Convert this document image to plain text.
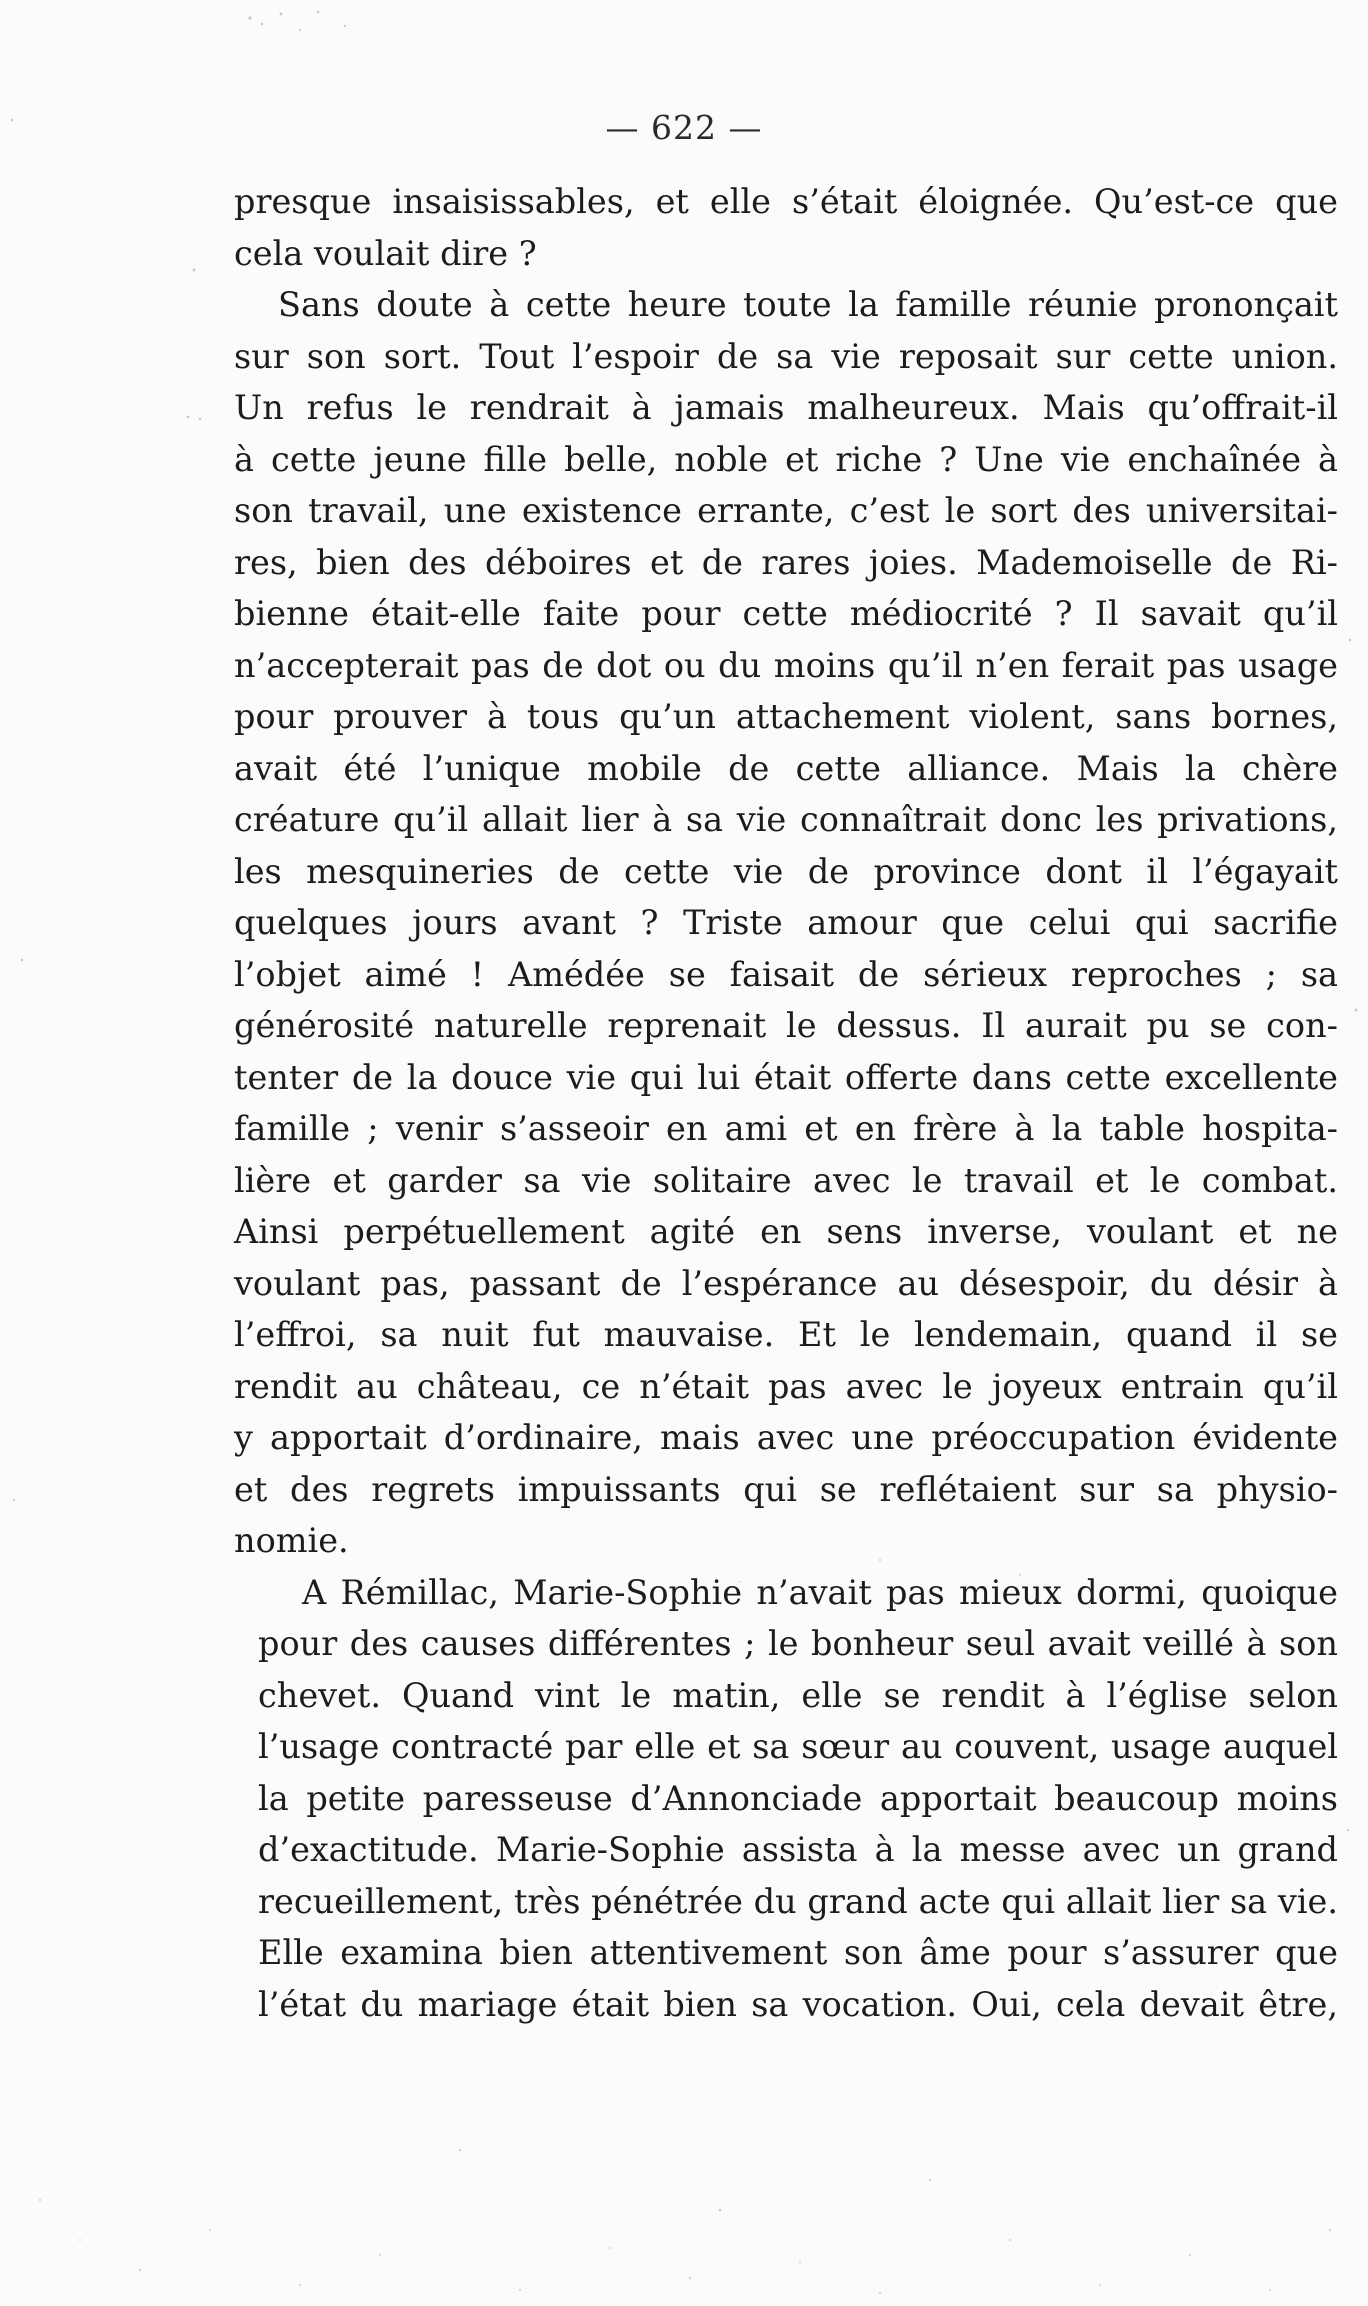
— 622 —
presque insaisissables, et elle s’était éloignée. Qu’est-ce que
cela voulait dire ?
Sans doute à cette heure toute la famille réunie prononçait
sur son sort. Tout l’espoir de sa vie reposait sur cette union.
Un refus le rendrait à jamais malheureux. Mais qu’offrait-il
à cette jeune fille belle, noble et riche ? Une vie enchaînée à
son travail, une existence errante, c’est le sort des universitai-
res, bien des déboires et de rares joies. Mademoiselle de Ri-
bienne était-elle faite pour cette médiocrité ? Il savait qu’il
n’accepterait pas de dot ou du moins qu’il n’en ferait pas usage
pour prouver à tous qu’un attachement violent, sans bornes,
avait été l’unique mobile de cette alliance. Mais la chère
créature qu’il allait lier à sa vie connaîtrait donc les privations,
les mesquineries de cette vie de province dont il l’égayait
quelques jours avant ? Triste amour que celui qui sacrifie
l’objet aimé ! Amédée se faisait de sérieux reproches ; sa
générosité naturelle reprenait le dessus. Il aurait pu se con-
tenter de la douce vie qui lui était offerte dans cette excellente
famille ; venir s’asseoir en ami et en frère à la table hospita-
lière et garder sa vie solitaire avec le travail et le combat.
Ainsi perpétuellement agité en sens inverse, voulant et ne
voulant pas, passant de l’espérance au désespoir, du désir à
l’effroi, sa nuit fut mauvaise. Et le lendemain, quand il se
rendit au château, ce n’était pas avec le joyeux entrain qu’il
y apportait d’ordinaire, mais avec une préoccupation évidente
et des regrets impuissants qui se reflétaient sur sa physio-
nomie.
A Rémillac, Marie-Sophie n’avait pas mieux dormi, quoique
pour des causes différentes ; le bonheur seul avait veillé à son
chevet. Quand vint le matin, elle se rendit à l’église selon
l’usage contracté par elle et sa sœur au couvent, usage auquel
la petite paresseuse d’Annonciade apportait beaucoup moins
d’exactitude. Marie-Sophie assista à la messe avec un grand
recueillement, très pénétrée du grand acte qui allait lier sa vie.
Elle examina bien attentivement son âme pour s’assurer que
l’état du mariage était bien sa vocation. Oui, cela devait être,
